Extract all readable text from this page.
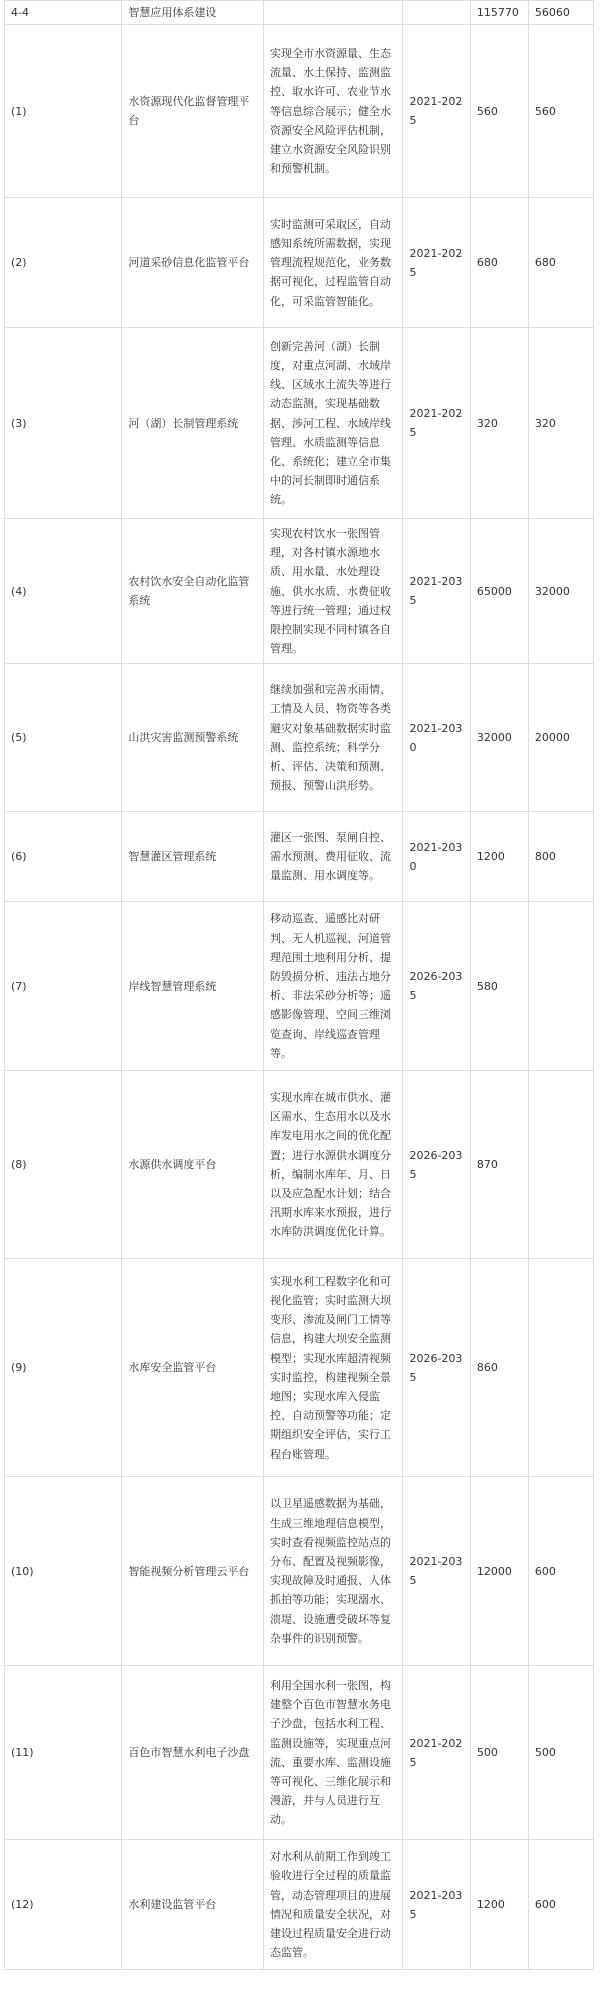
4-4	智慧应用体系建设			115770	56060
(1)	水资源现代化监督管理平台	实现全市水资源量、生态流量、水土保持、监测监控、取水许可、农业节水等信息综合展示；健全水资源安全风险评估机制，建立水资源安全风险识别和预警机制。	2021-2025	560	560
(2)	河道采砂信息化监管平台	实时监测可采取区，自动感知系统所需数据，实现管理流程规范化，业务数据可视化，过程监管自动化，可采监管智能化。	2021-2025	680	680
(3)	河（湖）长制管理系统	创新完善河（湖）长制度，对重点河湖、水域岸线、区域水土流失等进行动态监测，实现基础数据、涉河工程、水域岸线管理、水质监测等信息化、系统化；建立全市集中的河长制即时通信系统。	2021-2025	320	320
(4)	农村饮水安全自动化监管系统	实现农村饮水一张图管理，对各村镇水源地水质、用水量、水处理设施、供水水质、水费征收等进行统一管理；通过权限控制实现不同村镇各自管理。	2021-2035	65000	32000
(5)	山洪灾害监测预警系统	继续加强和完善水雨情、工情及人员、物资等各类避灾对象基础数据实时监测、监控系统；科学分析、评估、决策和预测、预报、预警山洪形势。	2021-2030	32000	20000
(6)	智慧灌区管理系统	灌区一张图、泵闸自控、需水预测、费用征收、流量监测、用水调度等。	2021-2030	1200	800
(7)	岸线智慧管理系统	移动巡查、遥感比对研判、无人机巡视、河道管理范围土地利用分析、提防毁损分析、违法占地分析、非法采砂分析等；遥感影像管理、空间三维浏览查询、岸线巡查管理等。	2026-2035	580	
(8)	水源供水调度平台	实现水库在城市供水、灌区需水、生态用水以及水库发电用水之间的优化配置；进行水源供水调度分析，编制水库年、月、日以及应急配水计划；结合汛期水库来水预报，进行水库防洪调度优化计算。	2026-2035	870	
(9)	水库安全监管平台	实现水利工程数字化和可视化监管；实时监测大坝变形、渗流及闸门工情等信息，构建大坝安全监测模型；实现水库超清视频实时监控，构建视频全景地图；实现水库入侵监控、自动预警等功能；定期组织安全评估，实行工程台账管理。	2026-2035	860	
(10)	智能视频分析管理云平台	以卫星遥感数据为基础，生成三维地理信息模型，实时查看视频监控站点的分布、配置及视频影像，实现故障及时通报、人体抓拍等功能；实现溺水、溃堤、设施遭受破坏等复杂事件的识别预警。	2021-2035	12000	600
(11)	百色市智慧水利电子沙盘	利用全国水利一张图，构建整个百色市智慧水务电子沙盘，包括水利工程、监测设施等，实现重点河流、重要水库、监测设施等可视化、三维化展示和漫游，并与人员进行互动。	2021-2025	500	500
(12)	水利建设监管平台	对水利从前期工作到竣工验收进行全过程的质量监管，动态管理项目的进展情况和质量安全状况，对建设过程质量安全进行动态监管。	2021-2035	1200	600
